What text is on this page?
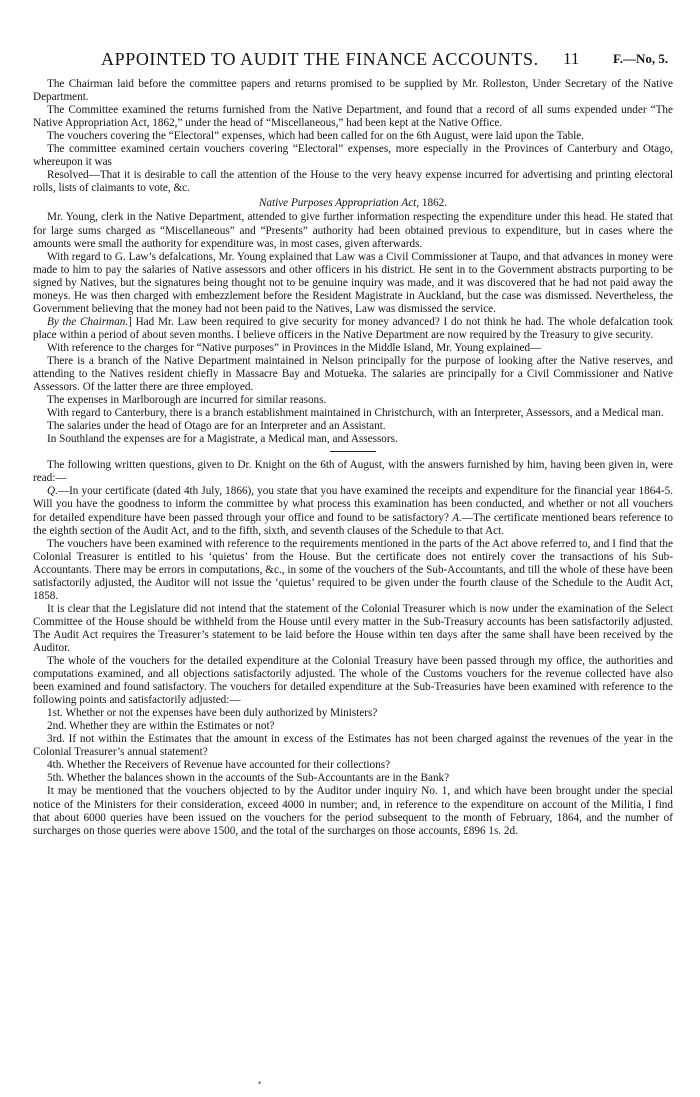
APPOINTED TO AUDIT THE FINANCE ACCOUNTS. 11	F.—No, 5.

The Chairman laid before the committee papers and returns promised to be supplied by Mr. Rolleston, Under Secretary of the Native Department.

The Committee examined the returns furnished from the Native Department, and found that a record of all sums expended under “The Native Appropriation Act, 1862,” under the head of “Miscellaneous,” had been kept at the Native Office.

The vouchers covering the “Electoral” expenses, which had been called for on the 6th August, were laid upon the Table.

The committee examined certain vouchers covering “Electoral” expenses, more especially in the Provinces of Canterbury and Otago, whereupon it was

Resolved—That it is desirable to call the attention of the House to the very heavy expense incurred for advertising and printing electoral rolls, lists of claimants to vote, &c.

Native Purposes Appropriation Act, 1862.

Mr. Young, clerk in the Native Department, attended to give further information respecting the expenditure under this head. He stated that for large sums charged as “Miscellaneous” and “Presents” authority had been obtained previous to expenditure, but in cases where the amounts were small the authority for expenditure was, in most cases, given afterwards.

With regard to G. Law’s defalcations, Mr. Young explained that Law was a Civil Commissioner at Taupo, and that advances in money were made to him to pay the salaries of Native assessors and other officers in his district. He sent in to the Government abstracts purporting to be signed by Natives, but the signatures being thought not to be genuine inquiry was made, and it was discovered that he had not paid away the moneys. He was then charged with embezzlement before the Resident Magistrate in Auckland, but the case was dismissed. Nevertheless, the Government believing that the money had not been paid to the Natives, Law was dismissed the service.

By the Chairman.] Had Mr. Law been required to give security for money advanced? I do not think he had. The whole defalcation took place within a period of about seven months. I believe officers in the Native Department are now required by the Treasury to give security.

With reference to the charges for “Native purposes” in Provinces in the Middle Island, Mr. Young explained—

There is a branch of the Native Department maintained in Nelson principally for the purpose of looking after the Native reserves, and attending to the Natives resident chiefly in Massacre Bay and Motueka. The salaries are principally for a Civil Commissioner and Native Assessors. Of the latter there are three employed.

The expenses in Marlborough are incurred for similar reasons.

With regard to Canterbury, there is a branch establishment maintained in Christchurch, with an Interpreter, Assessors, and a Medical man.

The salaries under the head of Otago are for an Interpreter and an Assistant.

In Southland the expenses are for a Magistrate, a Medical man, and Assessors.

The following written questions, given to Dr. Knight on the 6th of August, with the answers furnished by him, having been given in, were read:—

Q.—In your certificate (dated 4th July, 1866), you state that you have examined the receipts and expenditure for the financial year 1864-5. Will you have the goodness to inform the committee by what process this examination has been conducted, and whether or not all vouchers for detailed expenditure have been passed through your office and found to be satisfactory? A.—The certificate mentioned bears reference to the eighth section of the Audit Act, and to the fifth, sixth, and seventh clauses of the Schedule to that Act.

The vouchers have been examined with reference to the requirements mentioned in the parts of the Act above referred to, and I find that the Colonial Treasurer is entitled to his ‘quietus’ from the House. But the certificate does not entirely cover the transactions of his Sub-Accountants. There may be errors in computations, &c., in some of the vouchers of the Sub-Accountants, and till the whole of these have been satisfactorily adjusted, the Auditor will not issue the ‘quietus’ required to be given under the fourth clause of the Schedule to the Audit Act, 1858.

It is clear that the Legislature did not intend that the statement of the Colonial Treasurer which is now under the examination of the Select Committee of the House should be withheld from the House until every matter in the Sub-Treasury accounts has been satisfactorily adjusted. The Audit Act requires the Treasurer’s statement to be laid before the House within ten days after the same shall have been received by the Auditor.

The whole of the vouchers for the detailed expenditure at the Colonial Treasury have been passed through my office, the authorities and computations examined, and all objections satisfactorily adjusted. The whole of the Customs vouchers for the revenue collected have also been examined and found satisfactory. The vouchers for detailed expenditure at the Sub-Treasuries have been examined with reference to the following points and satisfactorily adjusted:—

1st. Whether or not the expenses have been duly authorized by Ministers?

2nd. Whether they are within the Estimates or not?

3rd. If not within the Estimates that the amount in excess of the Estimates has not been charged against the revenues of the year in the Colonial Treasurer’s annual statement?

4th. Whether the Receivers of Revenue have accounted for their collections?

5th. Whether the balances shown in the accounts of the Sub-Accountants are in the Bank?

It may be mentioned that the vouchers objected to by the Auditor under inquiry No. 1, and which have been brought under the special notice of the Ministers for their consideration, exceed 4000 in number; and, in reference to the expenditure on account of the Militia, I find that about 6000 queries have been issued on the vouchers for the period subsequent to the month of February, 1864, and the number of surcharges on those queries were above 1500, and the total of the surcharges on those accounts, £896 1s. 2d.

•
